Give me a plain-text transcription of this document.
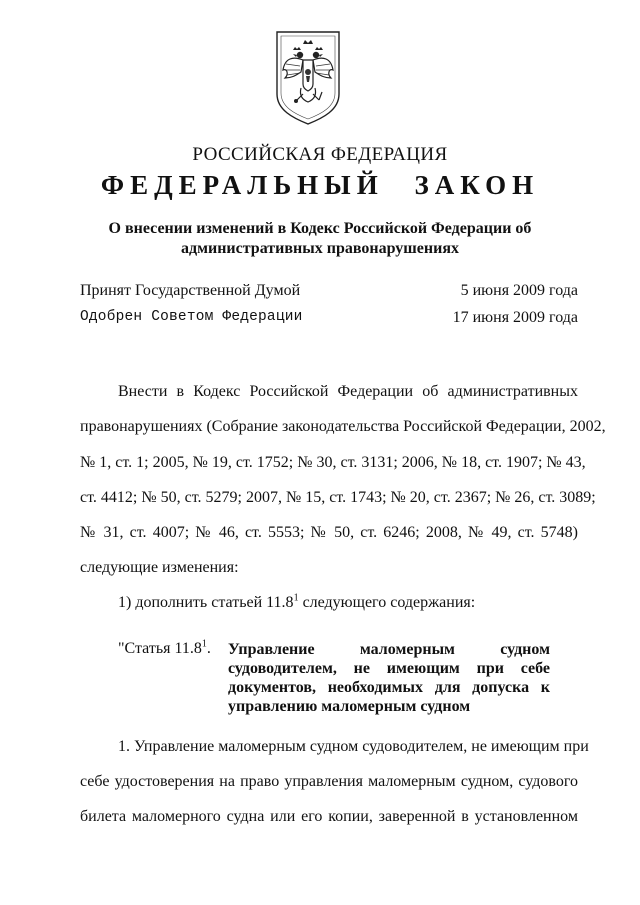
РОССИЙСКАЯ ФЕДЕРАЦИЯ
ФЕДЕРАЛЬНЫЙ ЗАКОН
О внесении изменений в Кодекс Российской Федерации об
административных правонарушениях
Принят Государственной Думой	5 июня 2009 года
Одобрен Советом Федерации	17 июня 2009 года
Внести в Кодекс Российской Федерации об административных
правонарушениях (Собрание законодательства Российской Федерации, 2002,
№ 1, ст. 1; 2005, № 19, ст. 1752; № 30, ст. 3131; 2006, № 18, ст. 1907; № 43,
ст. 4412; № 50, ст. 5279; 2007, № 15, ст. 1743; № 20, ст. 2367; № 26, ст. 3089;
№ 31, ст. 4007; № 46, ст. 5553; № 50, ст. 6246; 2008, № 49, ст. 5748)
следующие изменения:
1) дополнить статьей 11.8$^1$ следующего содержания:
"Статья 11.8$^1$. Управление маломерным судном
судоводителем, не имеющим при себе
документов, необходимых для допуска к
управлению маломерным судном
1. Управление маломерным судном судоводителем, не имеющим при
себе удостоверения на право управления маломерным судном, судового
билета маломерного судна или его копии, заверенной в установленном
